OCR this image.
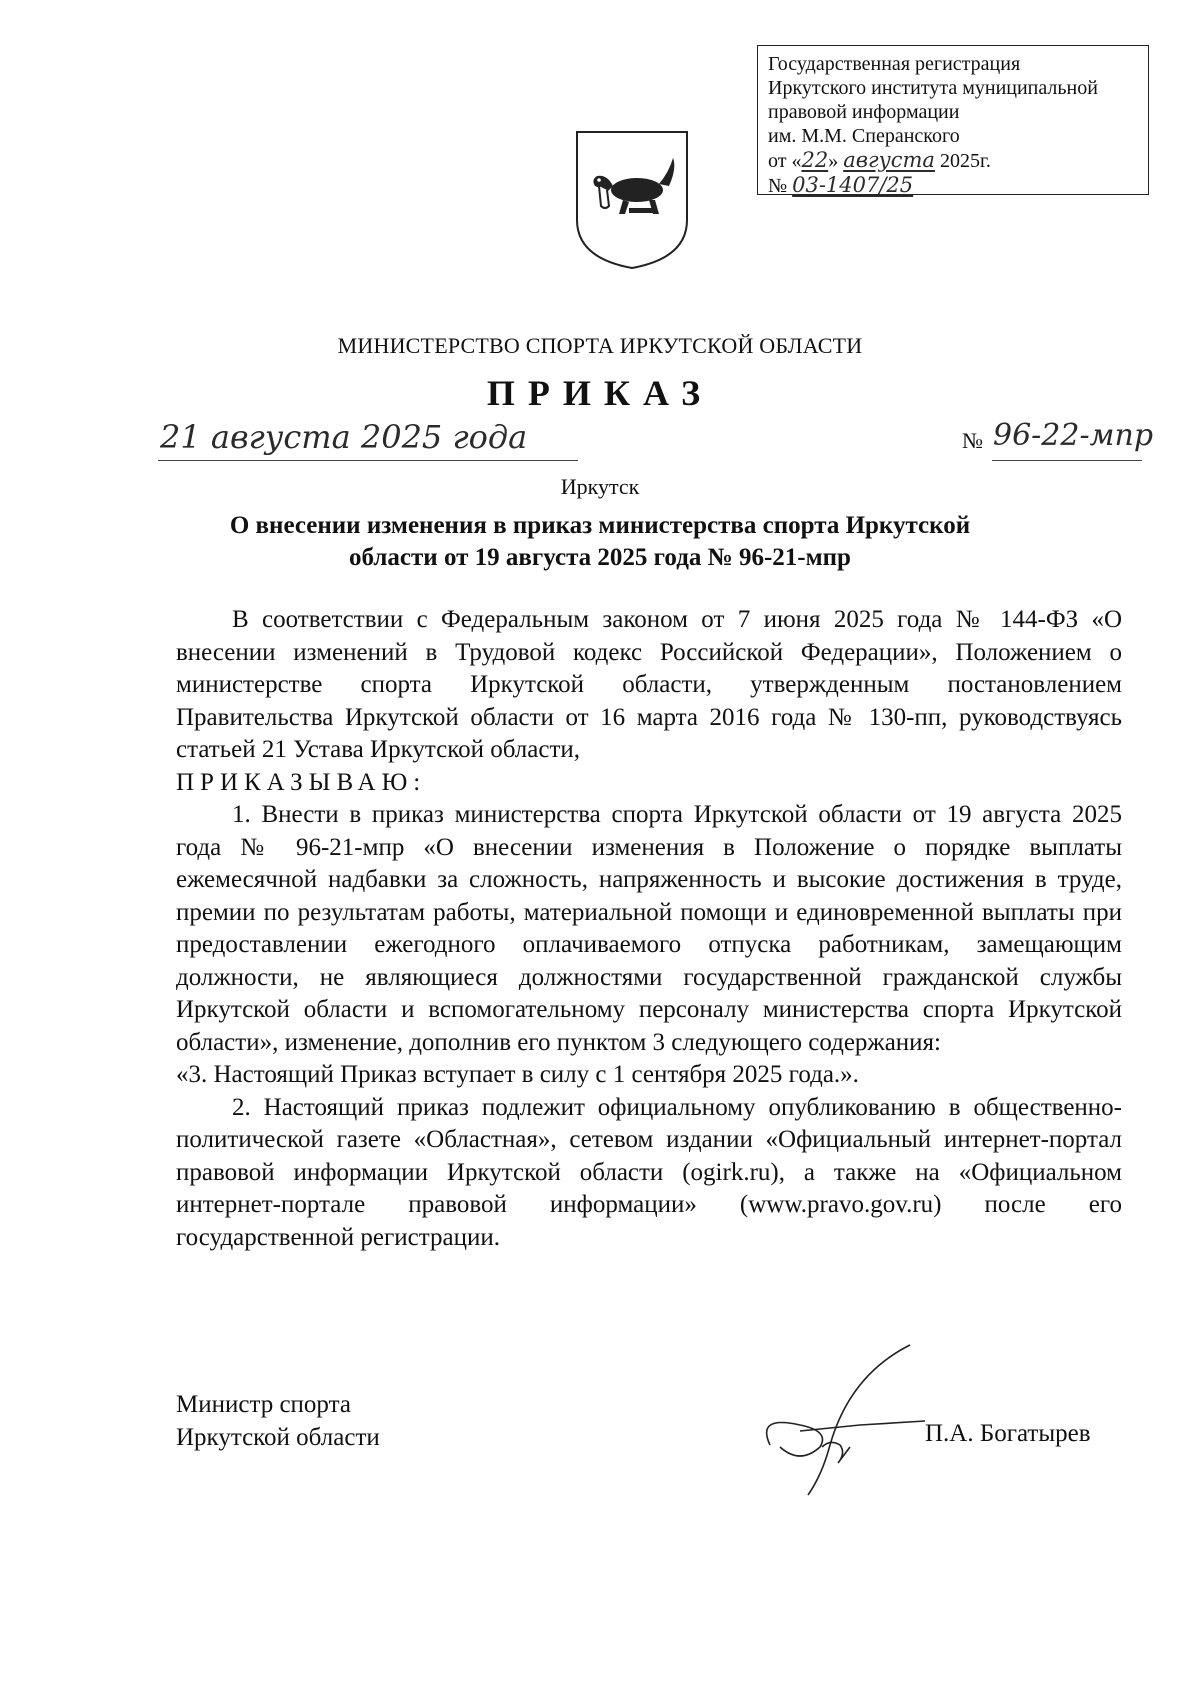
Государственная регистрация
Иркутского института муниципальной
правовой информации
им. М.М. Сперанского
от «22» августа 2025г.
№ 03-1407/25
МИНИСТЕРСТВО СПОРТА ИРКУТСКОЙ ОБЛАСТИ
ПРИКАЗ
21 августа 2025 года	№ 96-22-мпр
Иркутск
О внесении изменения в приказ министерства спорта Иркутской
области от 19 августа 2025 года № 96-21-мпр

В соответствии с Федеральным законом от 7 июня 2025 года № 144-ФЗ «О внесении изменений в Трудовой кодекс Российской Федерации», Положением о министерстве спорта Иркутской области, утвержденным постановлением Правительства Иркутской области от 16 марта 2016 года № 130-пп, руководствуясь статьей 21 Устава Иркутской области,

ПРИКАЗЫВАЮ:

1. Внести в приказ министерства спорта Иркутской области от 19 августа 2025 года № 96-21-мпр «О внесении изменения в Положение о порядке выплаты ежемесячной надбавки за сложность, напряженность и высокие достижения в труде, премии по результатам работы, материальной помощи и единовременной выплаты при предоставлении ежегодного оплачиваемого отпуска работникам, замещающим должности, не являющиеся должностями государственной гражданской службы Иркутской области и вспомогательному персоналу министерства спорта Иркутской области», изменение, дополнив его пунктом 3 следующего содержания:

«3. Настоящий Приказ вступает в силу с 1 сентября 2025 года.».

2. Настоящий приказ подлежит официальному опубликованию в общественно-политической газете «Областная», сетевом издании «Официальный интернет-портал правовой информации Иркутской области (ogirk.ru), а также на «Официальном интернет-портале правовой информации» (www.pravo.gov.ru) после его государственной регистрации.

Министр спорта
Иркутской области	П.А. Богатырев
